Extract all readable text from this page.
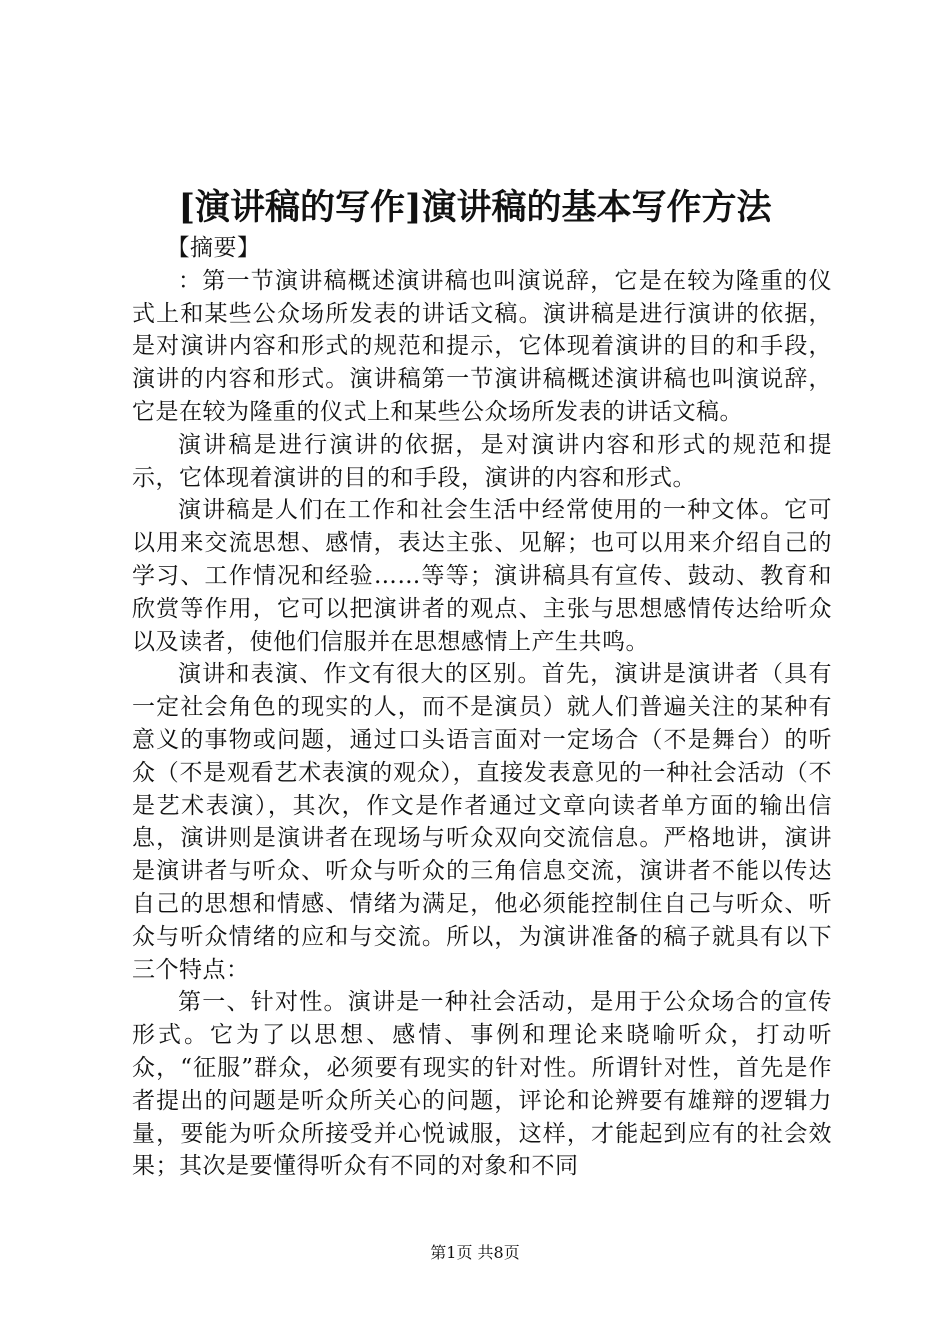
[演讲稿的写作]演讲稿的基本写作方法

【摘要】

：第一节演讲稿概述演讲稿也叫演说辞，它是在较为隆重的仪式上和某些公众场所发表的讲话文稿。演讲稿是进行演讲的依据，是对演讲内容和形式的规范和提示，它体现着演讲的目的和手段，演讲的内容和形式。演讲稿第一节演讲稿概述演讲稿也叫演说辞，它是在较为隆重的仪式上和某些公众场所发表的讲话文稿。

演讲稿是进行演讲的依据，是对演讲内容和形式的规范和提示，它体现着演讲的目的和手段，演讲的内容和形式。

演讲稿是人们在工作和社会生活中经常使用的一种文体。它可以用来交流思想、感情，表达主张、见解；也可以用来介绍自己的学习、工作情况和经验……等等；演讲稿具有宣传、鼓动、教育和欣赏等作用，它可以把演讲者的观点、主张与思想感情传达给听众以及读者，使他们信服并在思想感情上产生共鸣。

演讲和表演、作文有很大的区别。首先，演讲是演讲者（具有一定社会角色的现实的人，而不是演员）就人们普遍关注的某种有意义的事物或问题，通过口头语言面对一定场合（不是舞台）的听众（不是观看艺术表演的观众），直接发表意见的一种社会活动（不是艺术表演），其次，作文是作者通过文章向读者单方面的输出信息，演讲则是演讲者在现场与听众双向交流信息。严格地讲，演讲是演讲者与听众、听众与听众的三角信息交流，演讲者不能以传达自己的思想和情感、情绪为满足，他必须能控制住自己与听众、听众与听众情绪的应和与交流。所以，为演讲准备的稿子就具有以下三个特点：

第一、针对性。演讲是一种社会活动，是用于公众场合的宣传形式。它为了以思想、感情、事例和理论来晓喻听众，打动听众，“征服”群众，必须要有现实的针对性。所谓针对性，首先是作者提出的问题是听众所关心的问题，评论和论辨要有雄辩的逻辑力量，要能为听众所接受并心悦诚服，这样，才能起到应有的社会效果；其次是要懂得听众有不同的对象和不同

第1页 共8页
